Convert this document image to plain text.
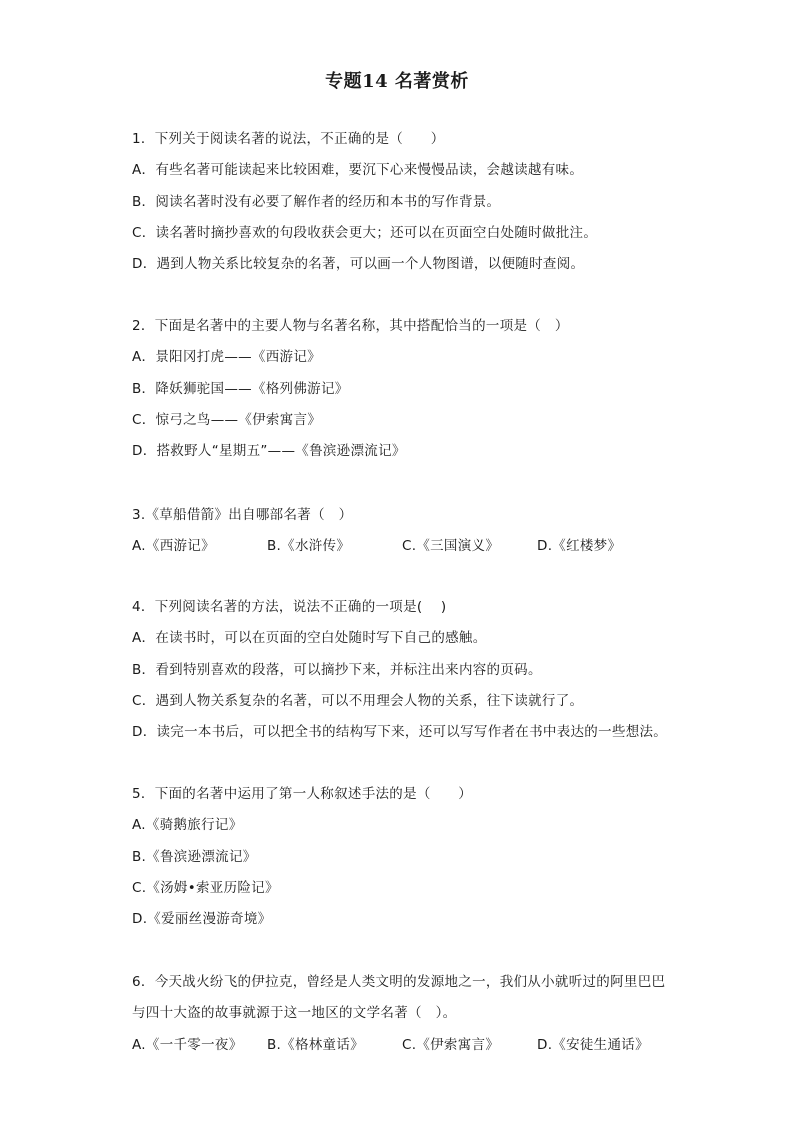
专题14 名著赏析
1．下列关于阅读名著的说法，不正确的是（　　）
A．有些名著可能读起来比较困难，要沉下心来慢慢品读，会越读越有味。
B．阅读名著时没有必要了解作者的经历和本书的写作背景。
C．读名著时摘抄喜欢的句段收获会更大；还可以在页面空白处随时做批注。
D．遇到人物关系比较复杂的名著，可以画一个人物图谱，以便随时查阅。
2．下面是名著中的主要人物与名著名称，其中搭配恰当的一项是（　）
A．景阳冈打虎——《西游记》
B．降妖狮驼国——《格列佛游记》
C．惊弓之鸟——《伊索寓言》
D．搭救野人“星期五”——《鲁滨逊漂流记》
3.《草船借箭》出自哪部名著（　）
A.《西游记》	B.《水浒传》	C.《三国演义》	D.《红楼梦》
4．下列阅读名著的方法，说法不正确的一项是(　 )
A．在读书时，可以在页面的空白处随时写下自己的感触。
B．看到特别喜欢的段落，可以摘抄下来，并标注出来内容的页码。
C．遇到人物关系复杂的名著，可以不用理会人物的关系，往下读就行了。
D．读完一本书后，可以把全书的结构写下来，还可以写写作者在书中表达的一些想法。
5．下面的名著中运用了第一人称叙述手法的是（　　）
A.《骑鹅旅行记》
B.《鲁滨逊漂流记》
C.《汤姆•索亚历险记》
D.《爱丽丝漫游奇境》
6．今天战火纷飞的伊拉克，曾经是人类文明的发源地之一，我们从小就听过的阿里巴巴与四十大盗的故事就源于这一地区的文学名著（　）。
A.《一千零一夜》	B.《格林童话》	C.《伊索寓言》	D.《安徒生通话》
